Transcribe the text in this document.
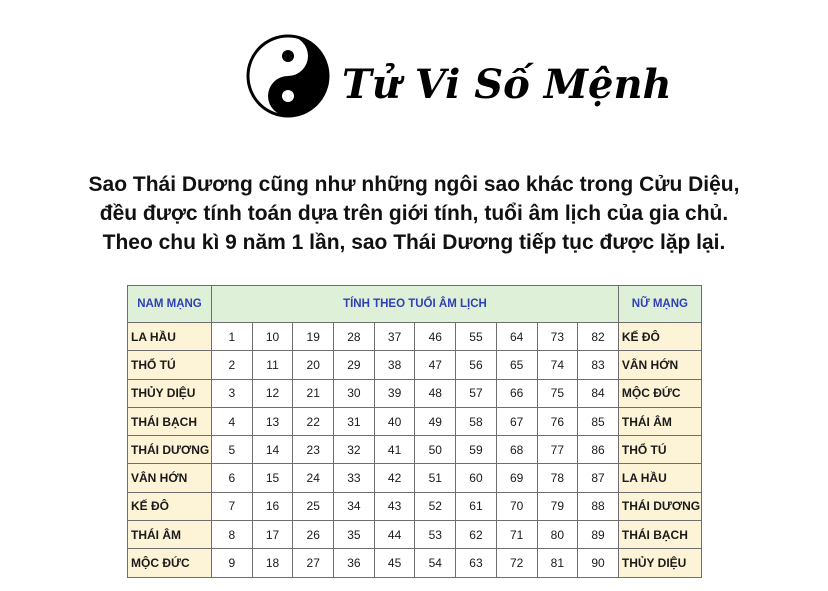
Tử Vi Số Mệnh
Sao Thái Dương cũng như những ngôi sao khác trong Cửu Diệu,
đều được tính toán dựa trên giới tính, tuổi âm lịch của gia chủ.
Theo chu kì 9 năm 1 lần, sao Thái Dương tiếp tục được lặp lại.
NAM MẠNG	TÍNH THEO TUỔI ÂM LỊCH										NỮ MẠNG
LA HẦU	1	10	19	28	37	46	55	64	73	82	KẾ ĐÔ
THỔ TÚ	2	11	20	29	38	47	56	65	74	83	VÂN HỚN
THỦY DIỆU	3	12	21	30	39	48	57	66	75	84	MỘC ĐỨC
THÁI BẠCH	4	13	22	31	40	49	58	67	76	85	THÁI ÂM
THÁI DƯƠNG	5	14	23	32	41	50	59	68	77	86	THỔ TÚ
VÂN HỚN	6	15	24	33	42	51	60	69	78	87	LA HẦU
KẾ ĐÔ	7	16	25	34	43	52	61	70	79	88	THÁI DƯƠNG
THÁI ÂM	8	17	26	35	44	53	62	71	80	89	THÁI BẠCH
MỘC ĐỨC	9	18	27	36	45	54	63	72	81	90	THỦY DIỆU
